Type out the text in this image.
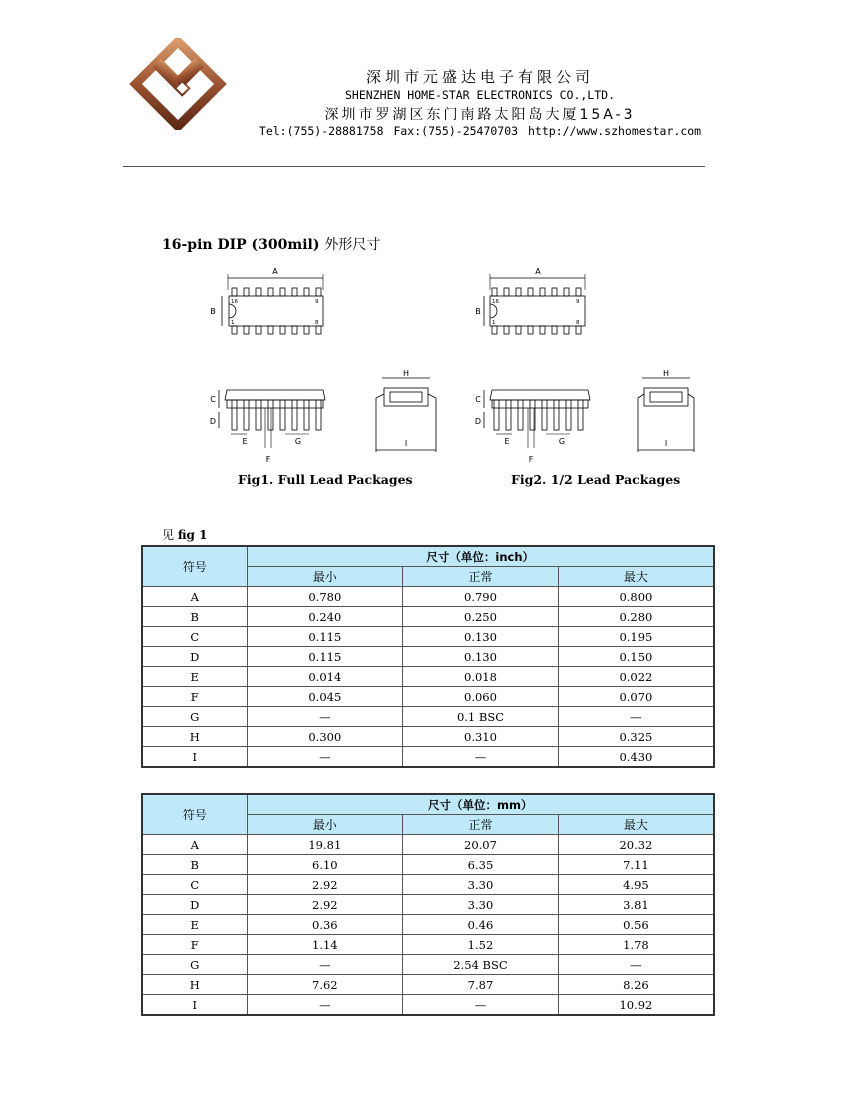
深圳市元盛达电子有限公司
SHENZHEN HOME-STAR ELECTRONICS CO.,LTD.
深圳市罗湖区东门南路太阳岛大厦15A-3
Tel:(755)-28881758 Fax:(755)-25470703 http://www.szhomestar.com
16-pin DIP (300mil) 外形尺寸
A
B
16	9
1	8
A
B
16	9
1	8
C
D
E
F
G
C
D
E
F
G
H
I
H
I
Fig1. Full Lead Packages	Fig2. 1/2 Lead Packages
见 fig 1
符号	尺寸（单位：inch）		
	最小	正常	最大
A	0.780	0.790	0.800
B	0.240	0.250	0.280
C	0.115	0.130	0.195
D	0.115	0.130	0.150
E	0.014	0.018	0.022
F	0.045	0.060	0.070
G	—	0.1 BSC	—
H	0.300	0.310	0.325
I	—	—	0.430
符号	尺寸（单位：mm）		
	最小	正常	最大
A	19.81	20.07	20.32
B	6.10	6.35	7.11
C	2.92	3.30	4.95
D	2.92	3.30	3.81
E	0.36	0.46	0.56
F	1.14	1.52	1.78
G	—	2.54 BSC	—
H	7.62	7.87	8.26
I	—	—	10.92
